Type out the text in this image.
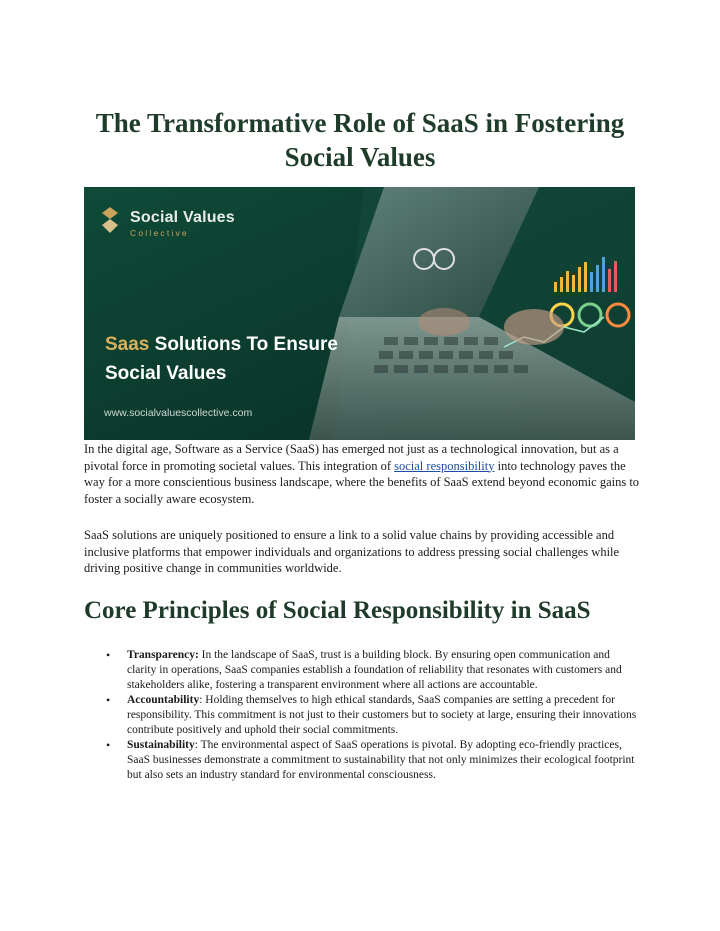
The Transformative Role of SaaS in Fostering Social Values
Social Values
Collective
Saas Solutions To Ensure
Social Values
www.socialvaluescollective.com

In the digital age, Software as a Service (SaaS) has emerged not just as a technological innovation, but as a pivotal force in promoting societal values. This integration of social responsibility into technology paves the way for a more conscientious business landscape, where the benefits of SaaS extend beyond economic gains to foster a socially aware ecosystem.

SaaS solutions are uniquely positioned to ensure a link to a solid value chains by providing accessible and inclusive platforms that empower individuals and organizations to address pressing social challenges while driving positive change in communities worldwide.

Core Principles of Social Responsibility in SaaS
• Transparency: In the landscape of SaaS, trust is a building block. By ensuring open communication and clarity in operations, SaaS companies establish a foundation of reliability that resonates with customers and stakeholders alike, fostering a transparent environment where all actions are accountable.
• Accountability: Holding themselves to high ethical standards, SaaS companies are setting a precedent for responsibility. This commitment is not just to their customers but to society at large, ensuring their innovations contribute positively and uphold their social commitments.
• Sustainability: The environmental aspect of SaaS operations is pivotal. By adopting eco-friendly practices, SaaS businesses demonstrate a commitment to sustainability that not only minimizes their ecological footprint but also sets an industry standard for environmental consciousness.
